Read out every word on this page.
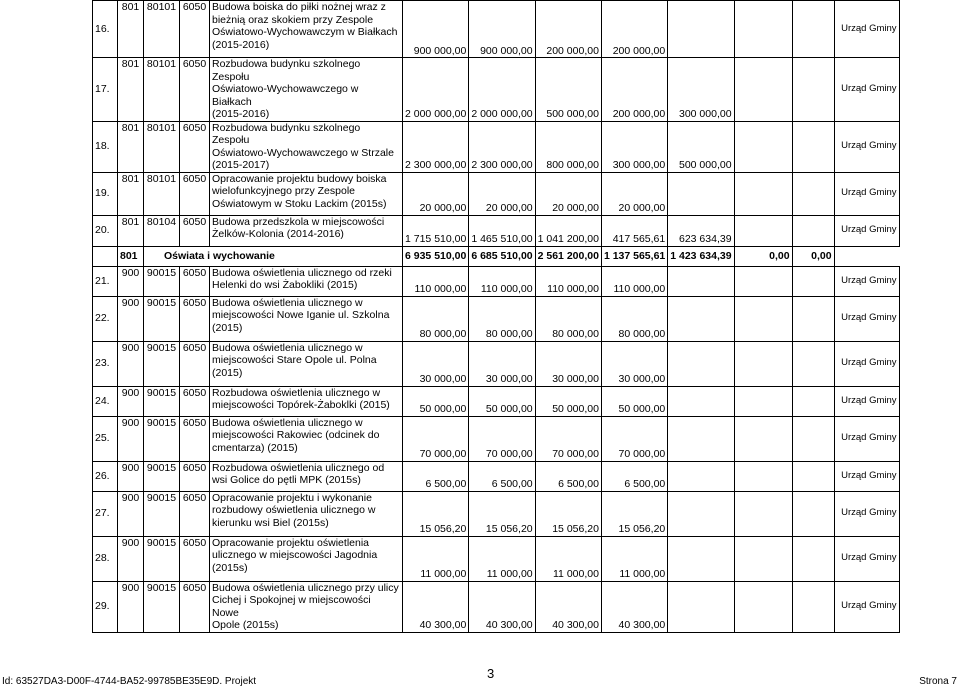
16.	801	80101	6050	Budowa boiska do piłki nożnej wraz z
bieżnią oraz skokiem przy Zespole
Oświatowo-Wychowawczym w Białkach
(2015-2016)	900 000,00	900 000,00	200 000,00	200 000,00				Urząd Gminy
17.	801	80101	6050	Rozbudowa budynku szkolnego Zespołu
Oświatowo-Wychowawczego w Białkach
(2015-2016)	2 000 000,00	2 000 000,00	500 000,00	200 000,00	300 000,00			Urząd Gminy
18.	801	80101	6050	Rozbudowa budynku szkolnego Zespołu
Oświatowo-Wychowawczego w Strzale
(2015-2017)	2 300 000,00	2 300 000,00	800 000,00	300 000,00	500 000,00			Urząd Gminy
19.	801	80101	6050	Opracowanie projektu budowy boiska
wielofunkcyjnego przy Zespole
Oświatowym w Stoku Lackim (2015s)	20 000,00	20 000,00	20 000,00	20 000,00				Urząd Gminy
20.	801	80104	6050	Budowa przedszkola w miejscowości
Żelków-Kolonia (2014-2016)	1 715 510,00	1 465 510,00	1 041 200,00	417 565,61	623 634,39			Urząd Gminy
	801	Oświata i wychowanie			6 935 510,00	6 685 510,00	2 561 200,00	1 137 565,61	1 423 634,39	0,00	0,00	
21.	900	90015	6050	Budowa oświetlenia ulicznego od rzeki
Helenki do wsi Żabokliki (2015)	110 000,00	110 000,00	110 000,00	110 000,00				Urząd Gminy
22.	900	90015	6050	Budowa oświetlenia ulicznego w
miejscowości Nowe Iganie ul. Szkolna
(2015)	80 000,00	80 000,00	80 000,00	80 000,00				Urząd Gminy
23.	900	90015	6050	Budowa oświetlenia ulicznego w
miejscowości Stare Opole ul. Polna
(2015)	30 000,00	30 000,00	30 000,00	30 000,00				Urząd Gminy
24.	900	90015	6050	Rozbudowa oświetlenia ulicznego w
miejscowości Topórek-Żaboklki (2015)	50 000,00	50 000,00	50 000,00	50 000,00				Urząd Gminy
25.	900	90015	6050	Budowa oświetlenia ulicznego w
miejscowości Rakowiec (odcinek do
cmentarza) (2015)	70 000,00	70 000,00	70 000,00	70 000,00				Urząd Gminy
26.	900	90015	6050	Rozbudowa oświetlenia ulicznego od
wsi Golice do pętli MPK (2015s)	6 500,00	6 500,00	6 500,00	6 500,00				Urząd Gminy
27.	900	90015	6050	Opracowanie projektu i wykonanie
rozbudowy oświetlenia ulicznego w
kierunku wsi Biel (2015s)	15 056,20	15 056,20	15 056,20	15 056,20				Urząd Gminy
28.	900	90015	6050	Opracowanie projektu oświetlenia
ulicznego w miejscowości Jagodnia
(2015s)	11 000,00	11 000,00	11 000,00	11 000,00				Urząd Gminy
29.	900	90015	6050	Budowa oświetlenia ulicznego przy ulicy
Cichej i Spokojnej w miejscowości Nowe
Opole (2015s)	40 300,00	40 300,00	40 300,00	40 300,00				Urząd Gminy
Id: 63527DA3-D00F-4744-BA52-99785BE35E9D. Projekt
3
Strona 7
